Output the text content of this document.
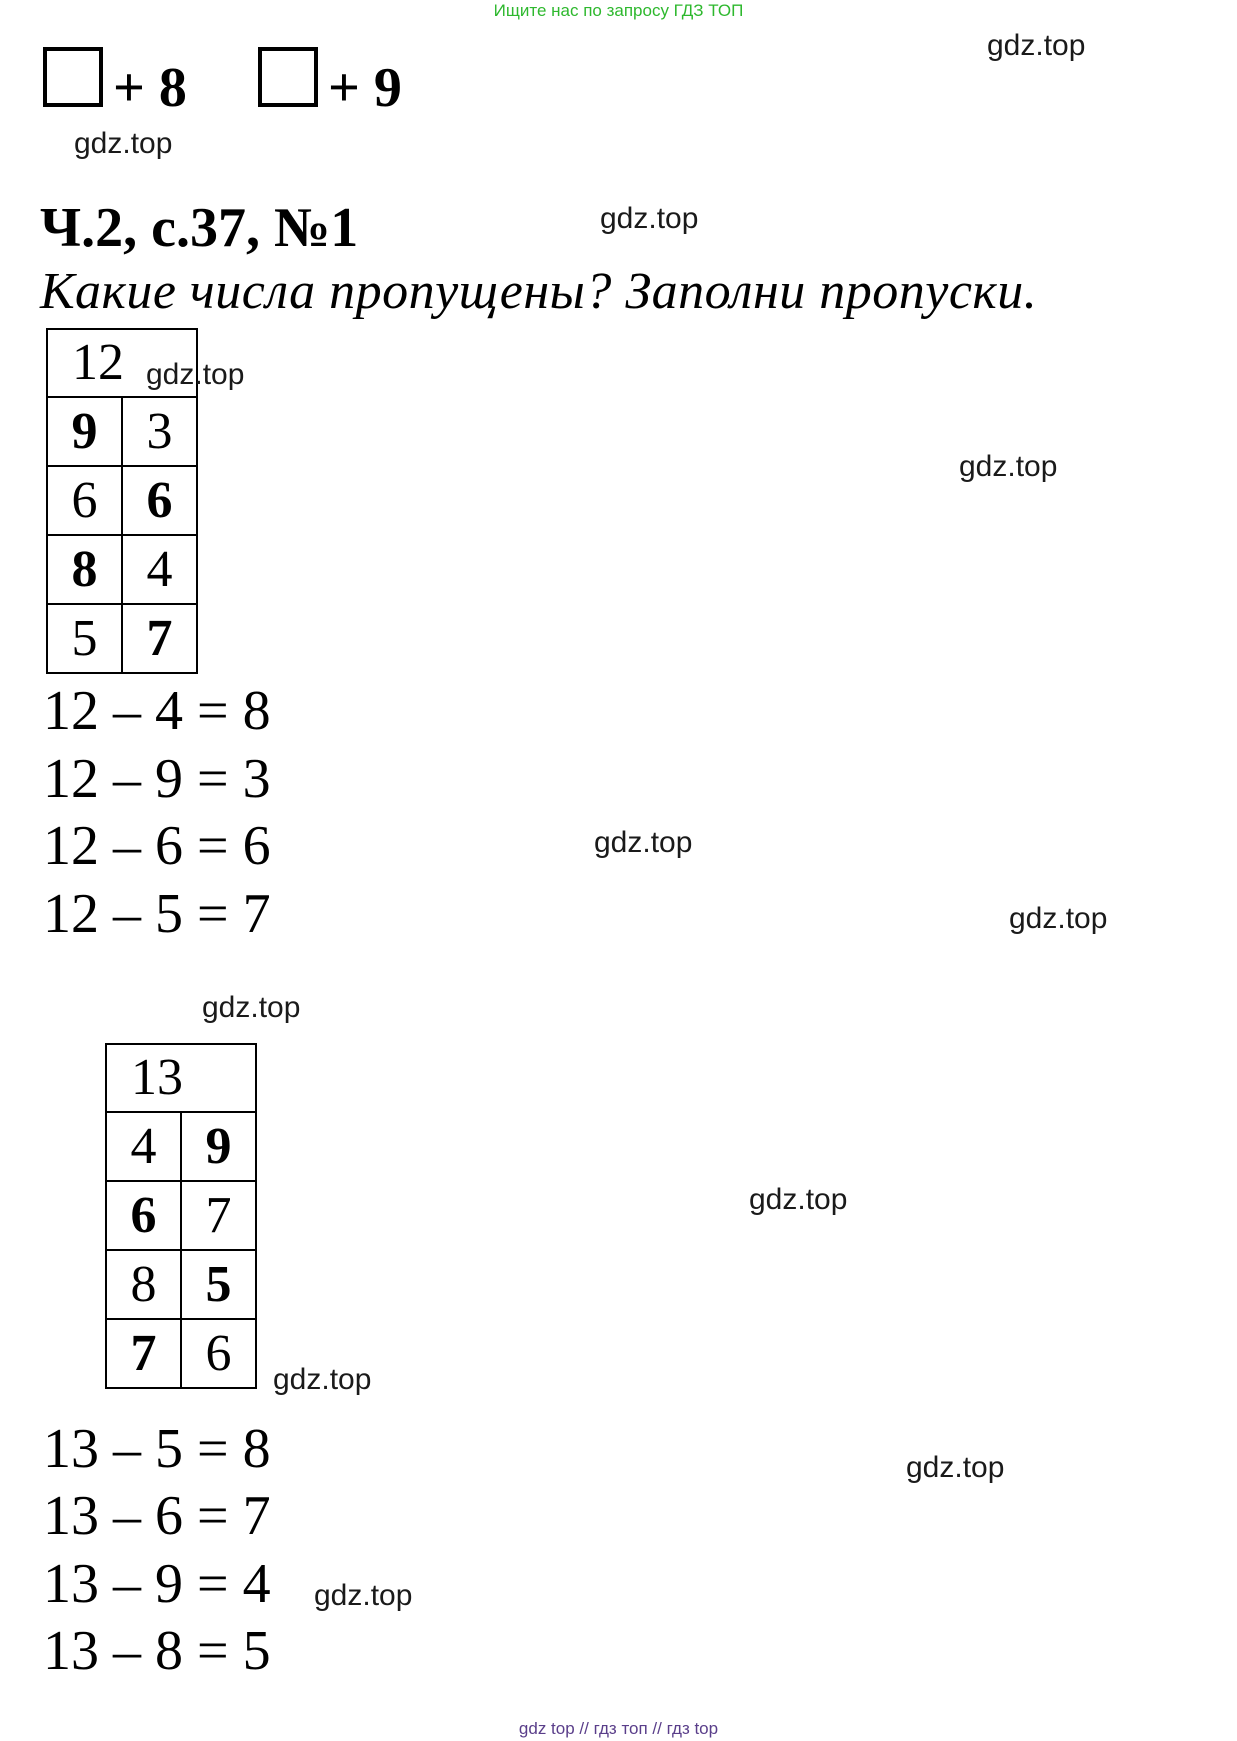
Ищите нас по запросу ГДЗ ТОП
+ 8	+ 9
Ч.2, с.37, №1
Какие числа пропущены? Заполни пропуски.
12	
9	3
6	6
8	4
5	7
12 – 4 = 8
12 – 9 = 3
12 – 6 = 6
12 – 5 = 7
13	
4	9
6	7
8	5
7	6
13 – 5 = 8
13 – 6 = 7
13 – 9 = 4
13 – 8 = 5
gdz.top
gdz.top
gdz.top
gdz.top
gdz.top
gdz.top
gdz.top
gdz.top
gdz.top
gdz.top
gdz.top
gdz.top
gdz top // гдз топ // гдз top
